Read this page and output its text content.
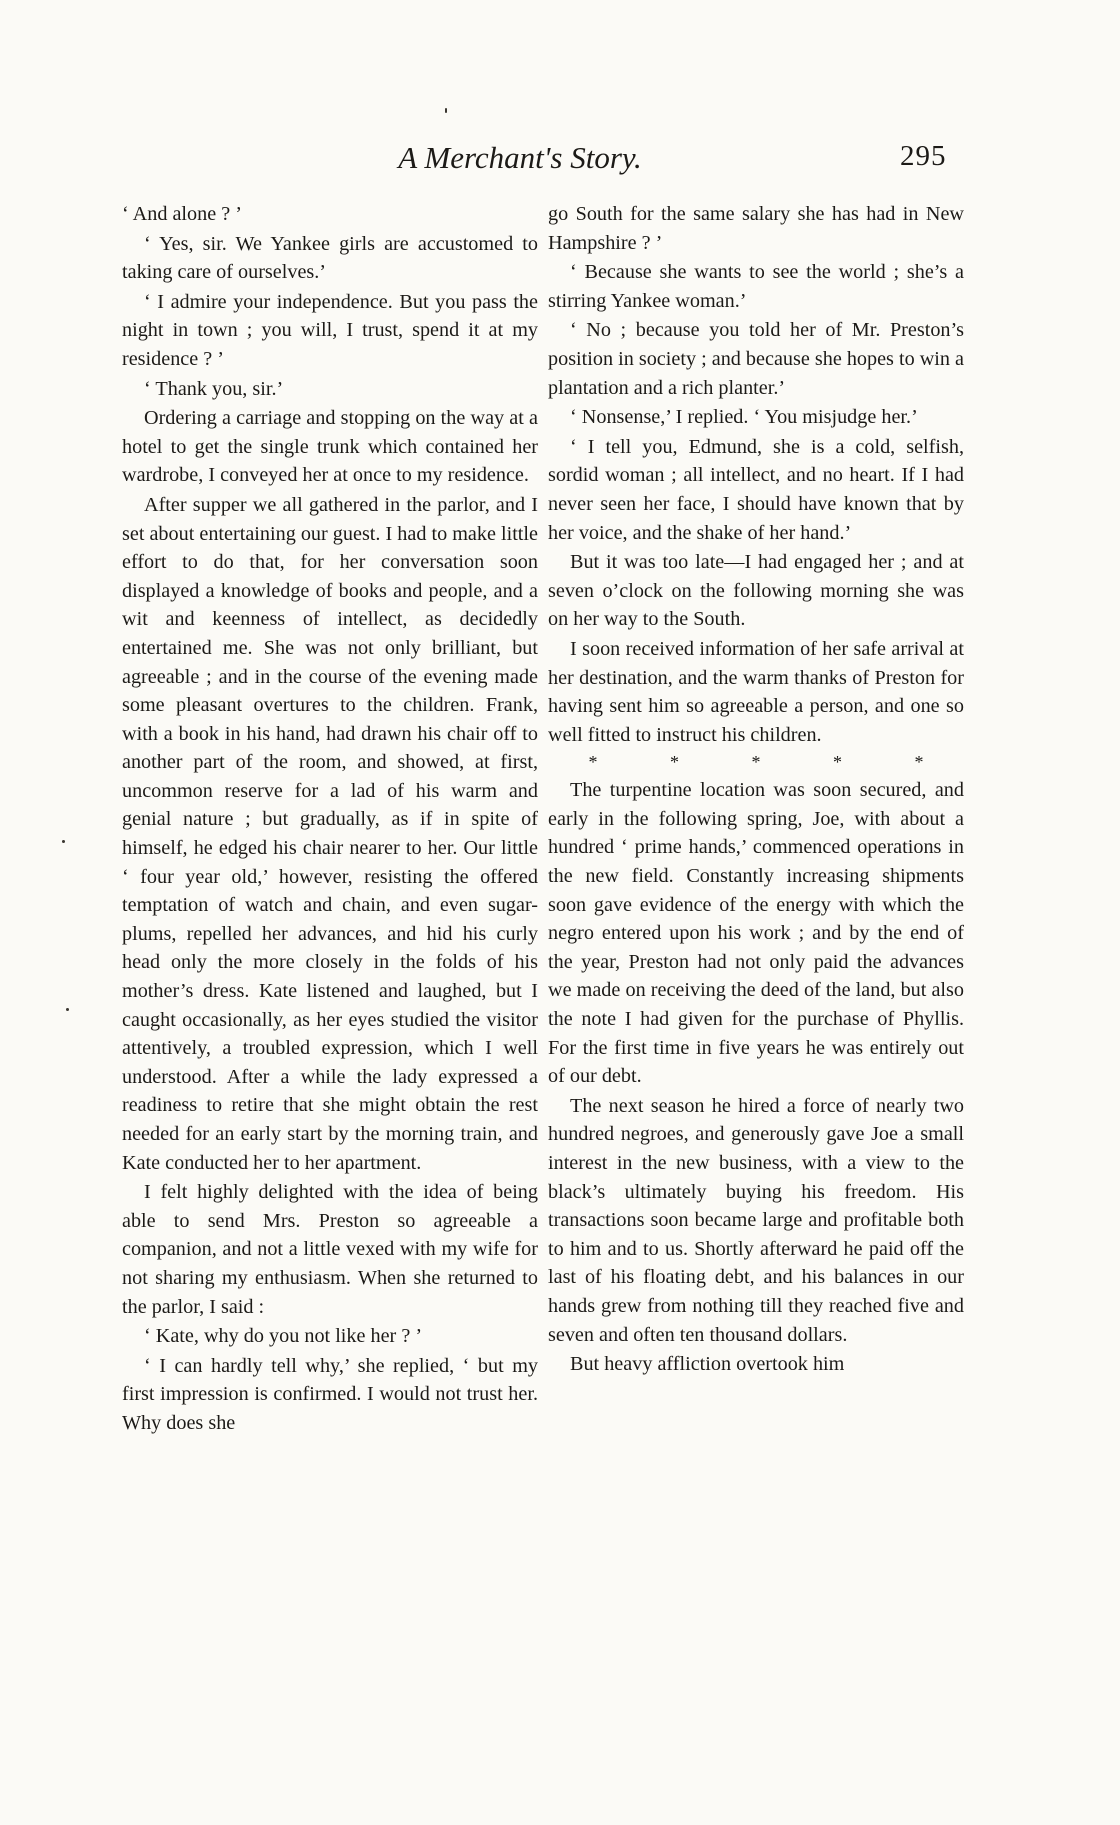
A Merchant's Story.	295

‘ And alone ? ’

‘ Yes, sir. We Yankee girls are accustomed to taking care of ourselves.’

‘ I admire your independence. But you pass the night in town ; you will, I trust, spend it at my residence ? ’

‘ Thank you, sir.’

Ordering a carriage and stopping on the way at a hotel to get the single trunk which contained her wardrobe, I conveyed her at once to my residence.

After supper we all gathered in the parlor, and I set about entertaining our guest. I had to make little effort to do that, for her conversation soon displayed a knowledge of books and people, and a wit and keenness of intellect, as decidedly entertained me. She was not only brilliant, but agreeable ; and in the course of the evening made some pleasant overtures to the children. Frank, with a book in his hand, had drawn his chair off to another part of the room, and showed, at first, uncommon reserve for a lad of his warm and genial nature ; but gradually, as if in spite of himself, he edged his chair nearer to her. Our little ‘ four year old,’ however, resisting the offered temptation of watch and chain, and even sugar-plums, repelled her advances, and hid his curly head only the more closely in the folds of his mother’s dress. Kate listened and laughed, but I caught occasionally, as her eyes studied the visitor attentively, a troubled expression, which I well understood. After a while the lady expressed a readiness to retire that she might obtain the rest needed for an early start by the morning train, and Kate conducted her to her apartment.

I felt highly delighted with the idea of being able to send Mrs. Preston so agreeable a companion, and not a little vexed with my wife for not sharing my enthusiasm. When she returned to the parlor, I said :

‘ Kate, why do you not like her ? ’

‘ I can hardly tell why,’ she replied, ‘ but my first impression is confirmed. I would not trust her. Why does she

go South for the same salary she has had in New Hampshire ? ’

‘ Because she wants to see the world ; she’s a stirring Yankee woman.’

‘ No ; because you told her of Mr. Preston’s position in society ; and because she hopes to win a plantation and a rich planter.’

‘ Nonsense,’ I replied. ‘ You misjudge her.’

‘ I tell you, Edmund, she is a cold, selfish, sordid woman ; all intellect, and no heart. If I had never seen her face, I should have known that by her voice, and the shake of her hand.’

But it was too late—I had engaged her ; and at seven o’clock on the following morning she was on her way to the South.

I soon received information of her safe arrival at her destination, and the warm thanks of Preston for having sent him so agreeable a person, and one so well fitted to instruct his children.

* * * * *

The turpentine location was soon secured, and early in the following spring, Joe, with about a hundred ‘ prime hands,’ commenced operations in the new field. Constantly increasing shipments soon gave evidence of the energy with which the negro entered upon his work ; and by the end of the year, Preston had not only paid the advances we made on receiving the deed of the land, but also the note I had given for the purchase of Phyllis. For the first time in five years he was entirely out of our debt.

The next season he hired a force of nearly two hundred negroes, and generously gave Joe a small interest in the new business, with a view to the black’s ultimately buying his freedom. His transactions soon became large and profitable both to him and to us. Shortly afterward he paid off the last of his floating debt, and his balances in our hands grew from nothing till they reached five and seven and often ten thousand dollars.

But heavy affliction overtook him
